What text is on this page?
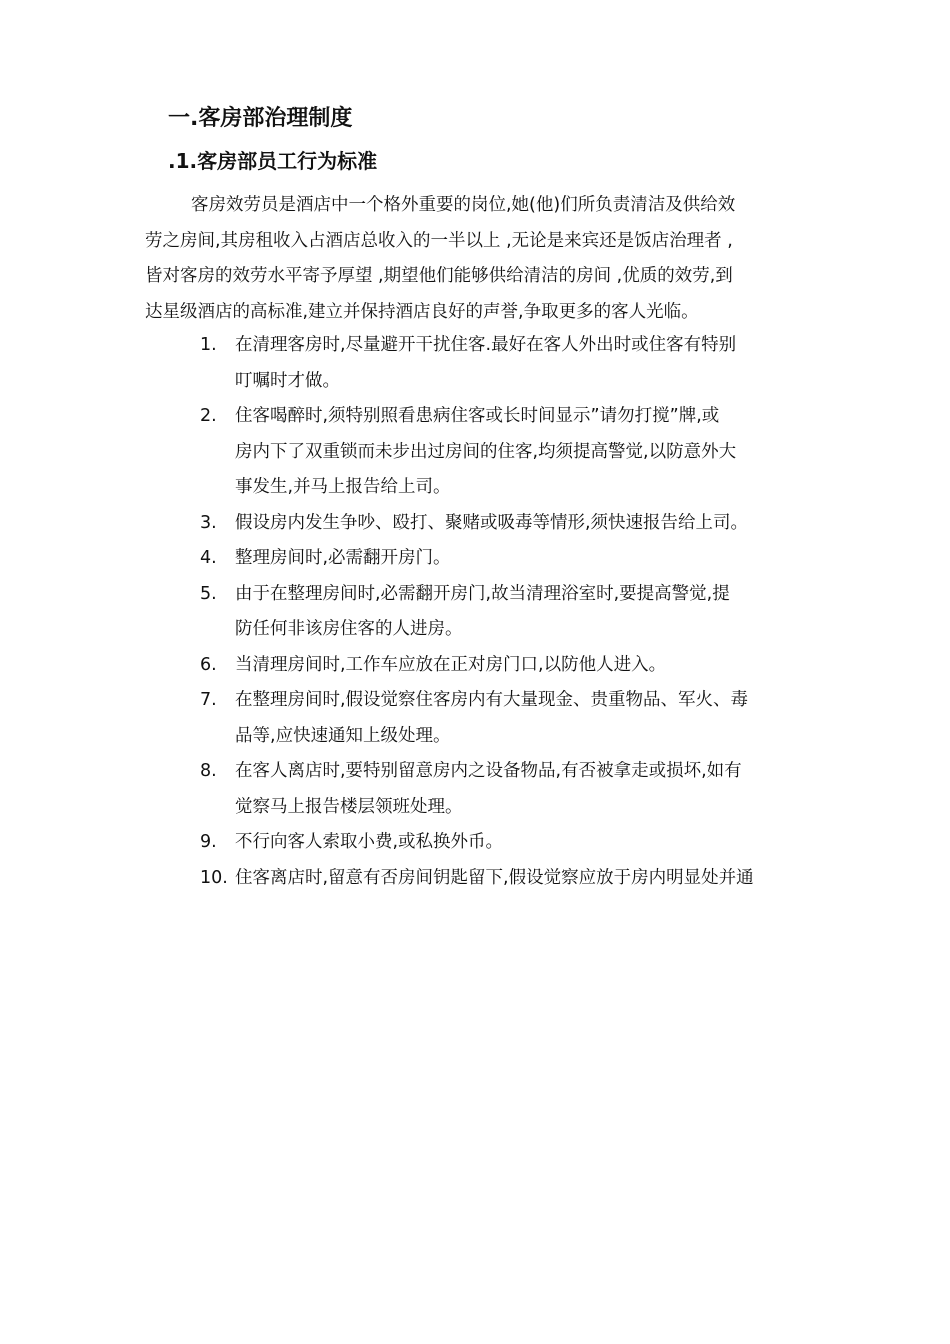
一.客房部治理制度
.1.客房部员工行为标准
客房效劳员是酒店中一个格外重要的岗位,她(他)们所负责清洁及供给效
劳之房间,其房租收入占酒店总收入的一半以上 ,无论是来宾还是饭店治理者 ,
皆对客房的效劳水平寄予厚望 ,期望他们能够供给清洁的房间 ,优质的效劳,到
达星级酒店的高标准,建立并保持酒店良好的声誉,争取更多的客人光临。
1. 在清理客房时,尽量避开干扰住客.最好在客人外出时或住客有特别
叮嘱时才做。
2. 住客喝醉时,须特别照看患病住客或长时间显示”请勿打搅”牌,或
房内下了双重锁而未步出过房间的住客,均须提高警觉,以防意外大
事发生,并马上报告给上司。
3. 假设房内发生争吵、殴打、聚赌或吸毒等情形,须快速报告给上司。
4. 整理房间时,必需翻开房门。
5. 由于在整理房间时,必需翻开房门,故当清理浴室时,要提高警觉,提
防任何非该房住客的人进房。
6. 当清理房间时,工作车应放在正对房门口,以防他人进入。
7. 在整理房间时,假设觉察住客房内有大量现金、贵重物品、军火、毒
品等,应快速通知上级处理。
8. 在客人离店时,要特别留意房内之设备物品,有否被拿走或损坏,如有
觉察马上报告楼层领班处理。
9. 不行向客人索取小费,或私换外币。
10. 住客离店时,留意有否房间钥匙留下,假设觉察应放于房内明显处并通
